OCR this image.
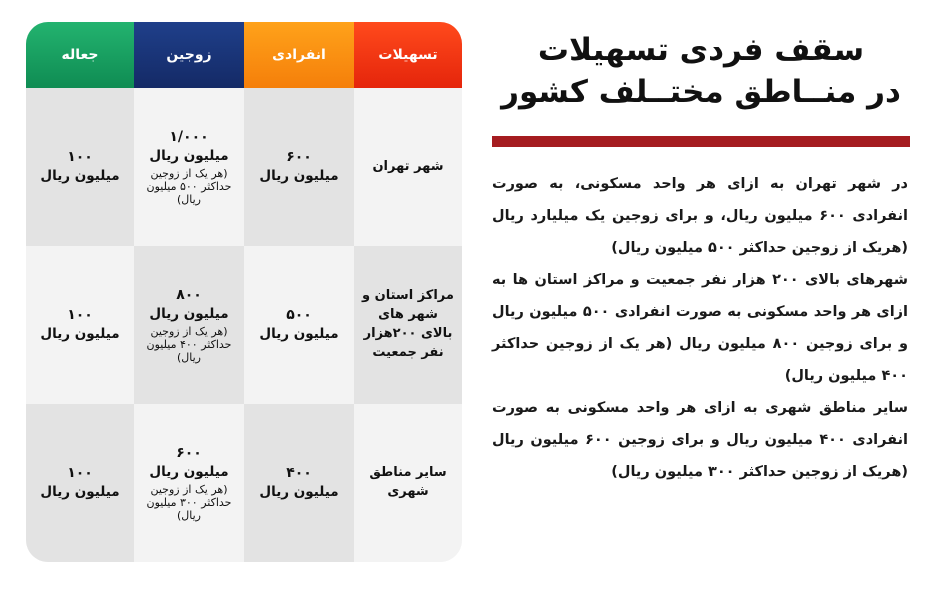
تسهیلات
انفرادی
زوجین
جعاله
شهر تهران
۶۰۰
میلیون ریال
۱/۰۰۰
میلیون ریال
(هر یک از زوجین حداکثر ۵۰۰ میلیون ریال)
۱۰۰
میلیون ریال
مراکز استان و شهر های بالای ۲۰۰هزار نفر جمعیت
۵۰۰
میلیون ریال
۸۰۰
میلیون ریال
(هر یک از زوجین حداکثر ۴۰۰ میلیون ریال)
۱۰۰
میلیون ریال
سایر مناطق شهری
۴۰۰
میلیون ریال
۶۰۰
میلیون ریال
(هر یک از زوجین حداکثر ۳۰۰ میلیون ریال)
۱۰۰
میلیون ریال
سقف فردی تسهیلات
در منــاطق مختــلف کشور

در شهر تهران به ازای هر واحد مسکونی، به صورت انفرادی ۶۰۰ میلیون ریال، و برای زوجین یک میلیارد ریال (هریک از زوجین حداکثر ۵۰۰ میلیون ریال)

شهرهای بالای ۲۰۰ هزار نفر جمعیت و مراکز استان ها به ازای هر واحد مسکونی به صورت انفرادی ۵۰۰ میلیون ریال و برای زوجین ۸۰۰ میلیون ریال (هر یک از زوجین حداکثر ۴۰۰ میلیون ریال)

سایر مناطق شهری به ازای هر واحد مسکونی به صورت انفرادی ۴۰۰ میلیون ریال و برای زوجین ۶۰۰ میلیون ریال (هریک از زوجین حداکثر ۳۰۰ میلیون ریال)
